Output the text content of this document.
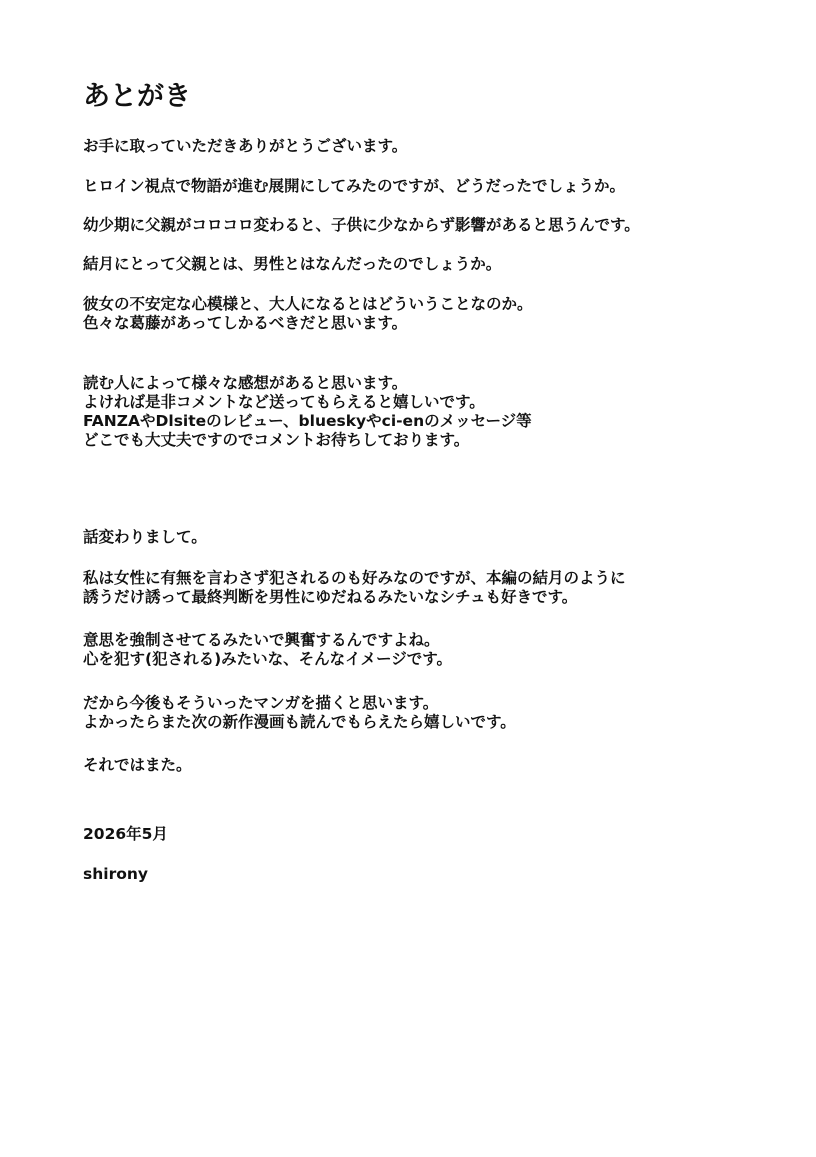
あとがき

お手に取っていただきありがとうございます。

ヒロイン視点で物語が進む展開にしてみたのですが、どうだったでしょうか。

幼少期に父親がコロコロ変わると、子供に少なからず影響があると思うんです。

結月にとって父親とは、男性とはなんだったのでしょうか。

彼女の不安定な心模様と、大人になるとはどういうことなのか。
色々な葛藤があってしかるべきだと思います。

読む人によって様々な感想があると思います。
よければ是非コメントなど送ってもらえると嬉しいです。
FANZAやDlsiteのレビュー、blueskyやci-enのメッセージ等
どこでも大丈夫ですのでコメントお待ちしております。

話変わりまして。

私は女性に有無を言わさず犯されるのも好みなのですが、本編の結月のように
誘うだけ誘って最終判断を男性にゆだねるみたいなシチュも好きです。

意思を強制させてるみたいで興奮するんですよね。
心を犯す(犯される)みたいな、そんなイメージです。

だから今後もそういったマンガを描くと思います。
よかったらまた次の新作漫画も読んでもらえたら嬉しいです。

それではまた。

2026年5月

shirony
